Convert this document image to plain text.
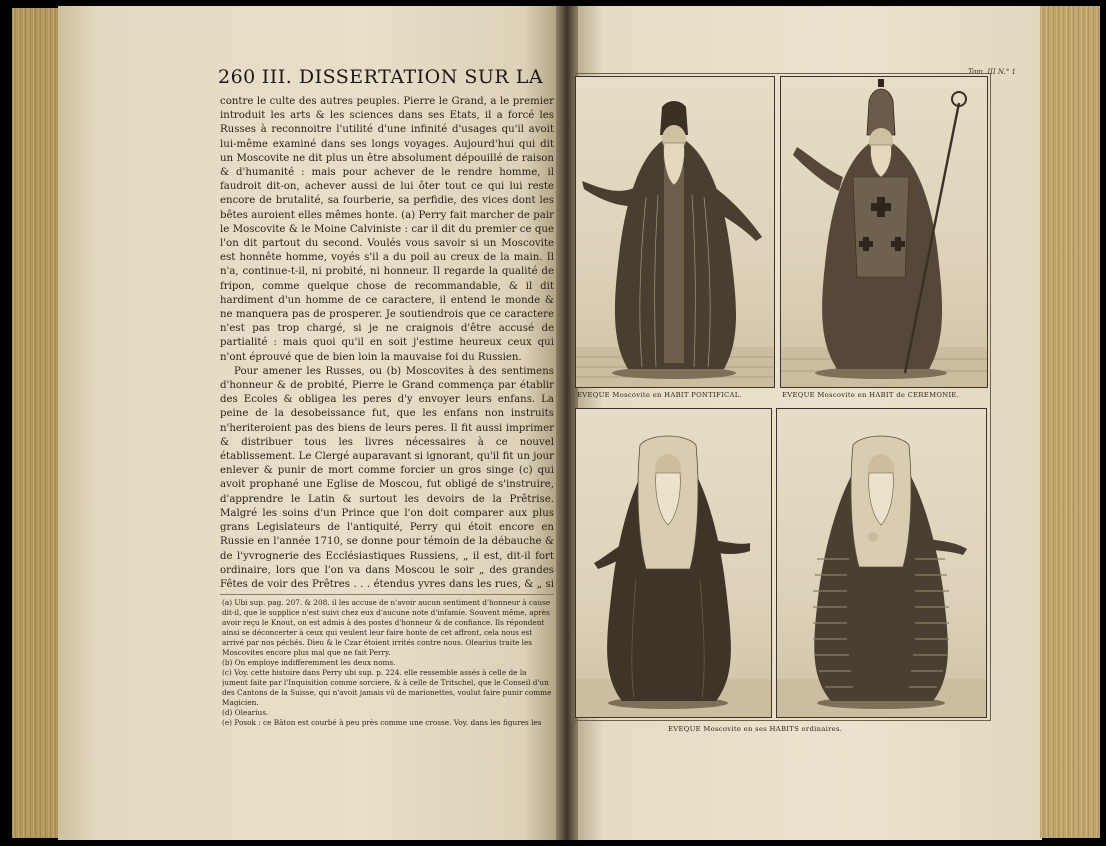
260 III. DISSERTATION SUR LA

contre le culte des autres peuples. Pierre le Grand, a le premier introduit les arts & les sciences dans ses Etats, il a forcé les Russes à reconnoitre l'utilité d'une infinité d'usages qu'il avoit lui-même examiné dans ses longs voyages. Aujourd'hui qui dit un Moscovite ne dit plus un être absolument dépouillé de raison & d'humanité : mais pour achever de le rendre homme, il faudroit dit-on, achever aussi de lui ôter tout ce qui lui reste encore de brutalité, sa fourberie, sa perfidie, des vices dont les bêtes auroient elles mêmes honte. (a) Perry fait marcher de pair le Moscovite & le Moine Calviniste : car il dit du premier ce que l'on dit partout du second. Voulés vous savoir si un Moscovite est honnête homme, voyés s'il a du poil au creux de la main. Il n'a, continue-t-il, ni probité, ni honneur. Il regarde la qualité de fripon, comme quelque chose de recommandable, & il dit hardiment d'un homme de ce caractere, il entend le monde & ne manquera pas de prosperer. Je soutiendrois que ce caractere n'est pas trop chargé, si je ne craignois d'être accusé de partialité : mais quoi qu'il en soit j'estime heureux ceux qui n'ont éprouvé que de bien loin la mauvaise foi du Russien.

Pour amener les Russes, ou (b) Moscovites à des sentimens d'honneur & de probité, Pierre le Grand commença par établir des Ecoles & obligea les peres d'y envoyer leurs enfans. La peine de la desobeissance fut, que les enfans non instruits n'heriteroient pas des biens de leurs peres. Il fit aussi imprimer & distribuer tous les livres nécessaires à ce nouvel établissement. Le Clergé auparavant si ignorant, qu'il fit un jour enlever & punir de mort comme forcier un gros singe (c) qui avoit prophané une Eglise de Moscou, fut obligé de s'instruire, d'apprendre le Latin & surtout les devoirs de la Prêtrise. Malgré les soins d'un Prince que l'on doit comparer aux plus grans Legislateurs de l'antiquité, Perry qui étoit encore en Russie en l'année 1710, se donne pour témoin de la débauche & de l'yvrognerie des Ecclésiastiques Russiens, „ il est, dit-il fort ordinaire, lors que l'on va dans Moscou le soir „ des grandes Fêtes de voir des Prêtres . . . étendus yvres dans les rues, & „ si

(a) Ubi sup. pag. 207. & 208. il les accuse de n'avoir aucun sentiment d'honneur à cause dit-il, que le supplice n'est suivi chez eux d'aucune note d'infamie. Souvent même, après avoir reçu le Knout, on est admis à des postes d'honneur & de confiance. Ils répondent ainsi se déconcerter à ceux qui veulent leur faire honte de cet affront, cela nous est arrivé par nos péchés. Dieu & le Czar étoient irrités contre nous. Olearius traite les Moscovites encore plus mal que ne fait Perry.

(b) On employe indifferemment les deux noms.

(c) Voy. cette histoire dans Perry ubi sup. p. 224. elle ressemble assés à celle de la jument faite par l'Inquisition comme sorciere, & à celle de Tritschel, que le Conseil d'un des Cantons de la Suisse, qui n'avoit jamais vû de marionettes, voulut faire punir comme Magicien.

(d) Olearius.

(e) Posok : ce Bâton est courbé à peu près comme une crosse. Voy. dans les figures les

Tom. III N.° 1
EVEQUE Moscovite en HABIT PONTIFICAL.	EVEQUE Moscovite en HABIT de CEREMONIE.
EVEQUE Moscovite en ses HABITS ordinaires.
